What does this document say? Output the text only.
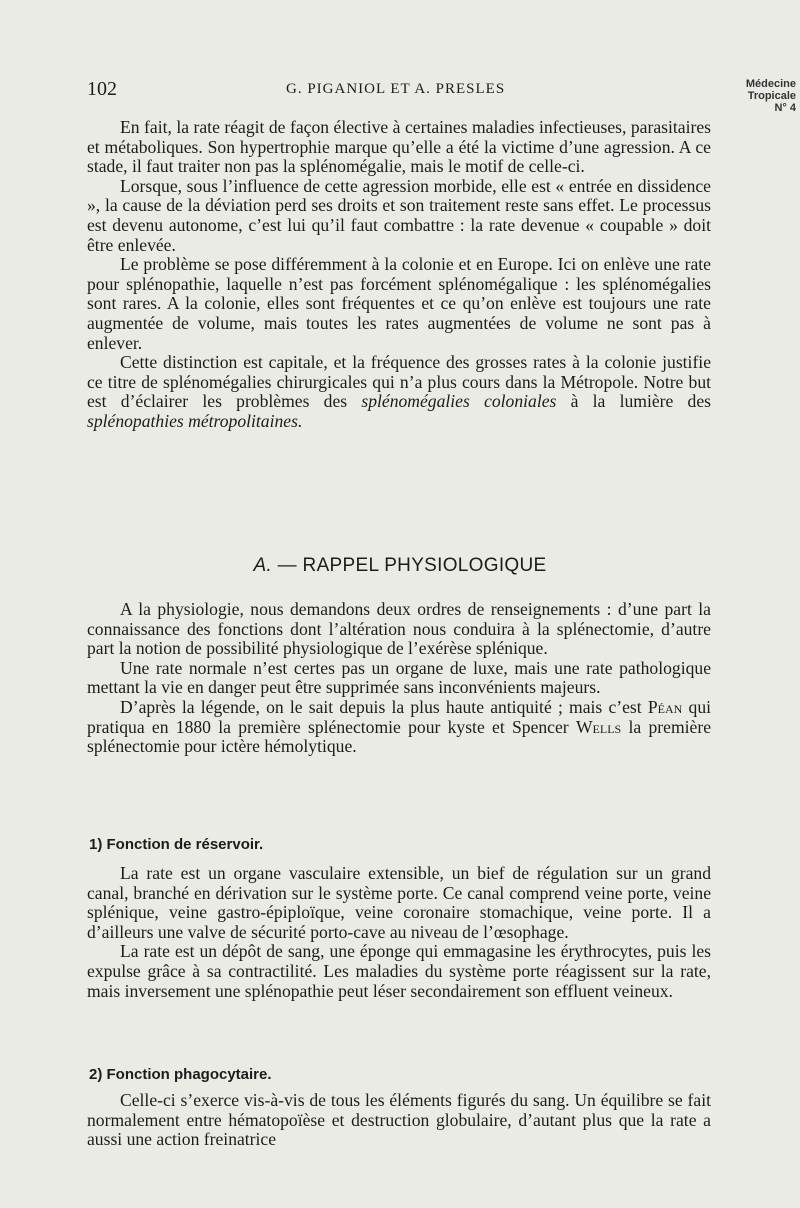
102	G. PIGANIOL ET A. PRESLES	Médecine
Tropicale
N° 4

En fait, la rate réagit de façon élective à certaines maladies infectieuses, parasitaires et métaboliques. Son hypertrophie marque qu’elle a été la victime d’une agression. A ce stade, il faut traiter non pas la splénomégalie, mais le motif de celle-ci.

Lorsque, sous l’influence de cette agression morbide, elle est « entrée en dissidence », la cause de la déviation perd ses droits et son traitement reste sans effet. Le processus est devenu autonome, c’est lui qu’il faut combattre : la rate devenue « coupable » doit être enlevée.

Le problème se pose différemment à la colonie et en Europe. Ici on enlève une rate pour splénopathie, laquelle n’est pas forcément splénomégalique : les splénomégalies sont rares. A la colonie, elles sont fréquentes et ce qu’on enlève est toujours une rate augmentée de volume, mais toutes les rates augmentées de volume ne sont pas à enlever.

Cette distinction est capitale, et la fréquence des grosses rates à la colonie justifie ce titre de splénomégalies chirurgicales qui n’a plus cours dans la Métropole. Notre but est d’éclairer les problèmes des splénomégalies coloniales à la lumière des splénopathies métropolitaines.

A. — RAPPEL PHYSIOLOGIQUE

A la physiologie, nous demandons deux ordres de renseignements : d’une part la connaissance des fonctions dont l’altération nous conduira à la splénectomie, d’autre part la notion de possibilité physiologique de l’exérèse splénique.

Une rate normale n’est certes pas un organe de luxe, mais une rate pathologique mettant la vie en danger peut être supprimée sans inconvénients majeurs.

D’après la légende, on le sait depuis la plus haute antiquité ; mais c’est Péan qui pratiqua en 1880 la première splénectomie pour kyste et Spencer Wells la première splénectomie pour ictère hémolytique.

1) Fonction de réservoir.

La rate est un organe vasculaire extensible, un bief de régulation sur un grand canal, branché en dérivation sur le système porte. Ce canal comprend veine porte, veine splénique, veine gastro-épiploïque, veine coronaire stomachique, veine porte. Il a d’ailleurs une valve de sécurité porto-cave au niveau de l’œsophage.

La rate est un dépôt de sang, une éponge qui emmagasine les érythrocytes, puis les expulse grâce à sa contractilité. Les maladies du système porte réagissent sur la rate, mais inversement une splénopathie peut léser secondairement son effluent veineux.

2) Fonction phagocytaire.

Celle-ci s’exerce vis-à-vis de tous les éléments figurés du sang. Un équilibre se fait normalement entre hématopoïèse et destruction globulaire, d’autant plus que la rate a aussi une action freinatrice
